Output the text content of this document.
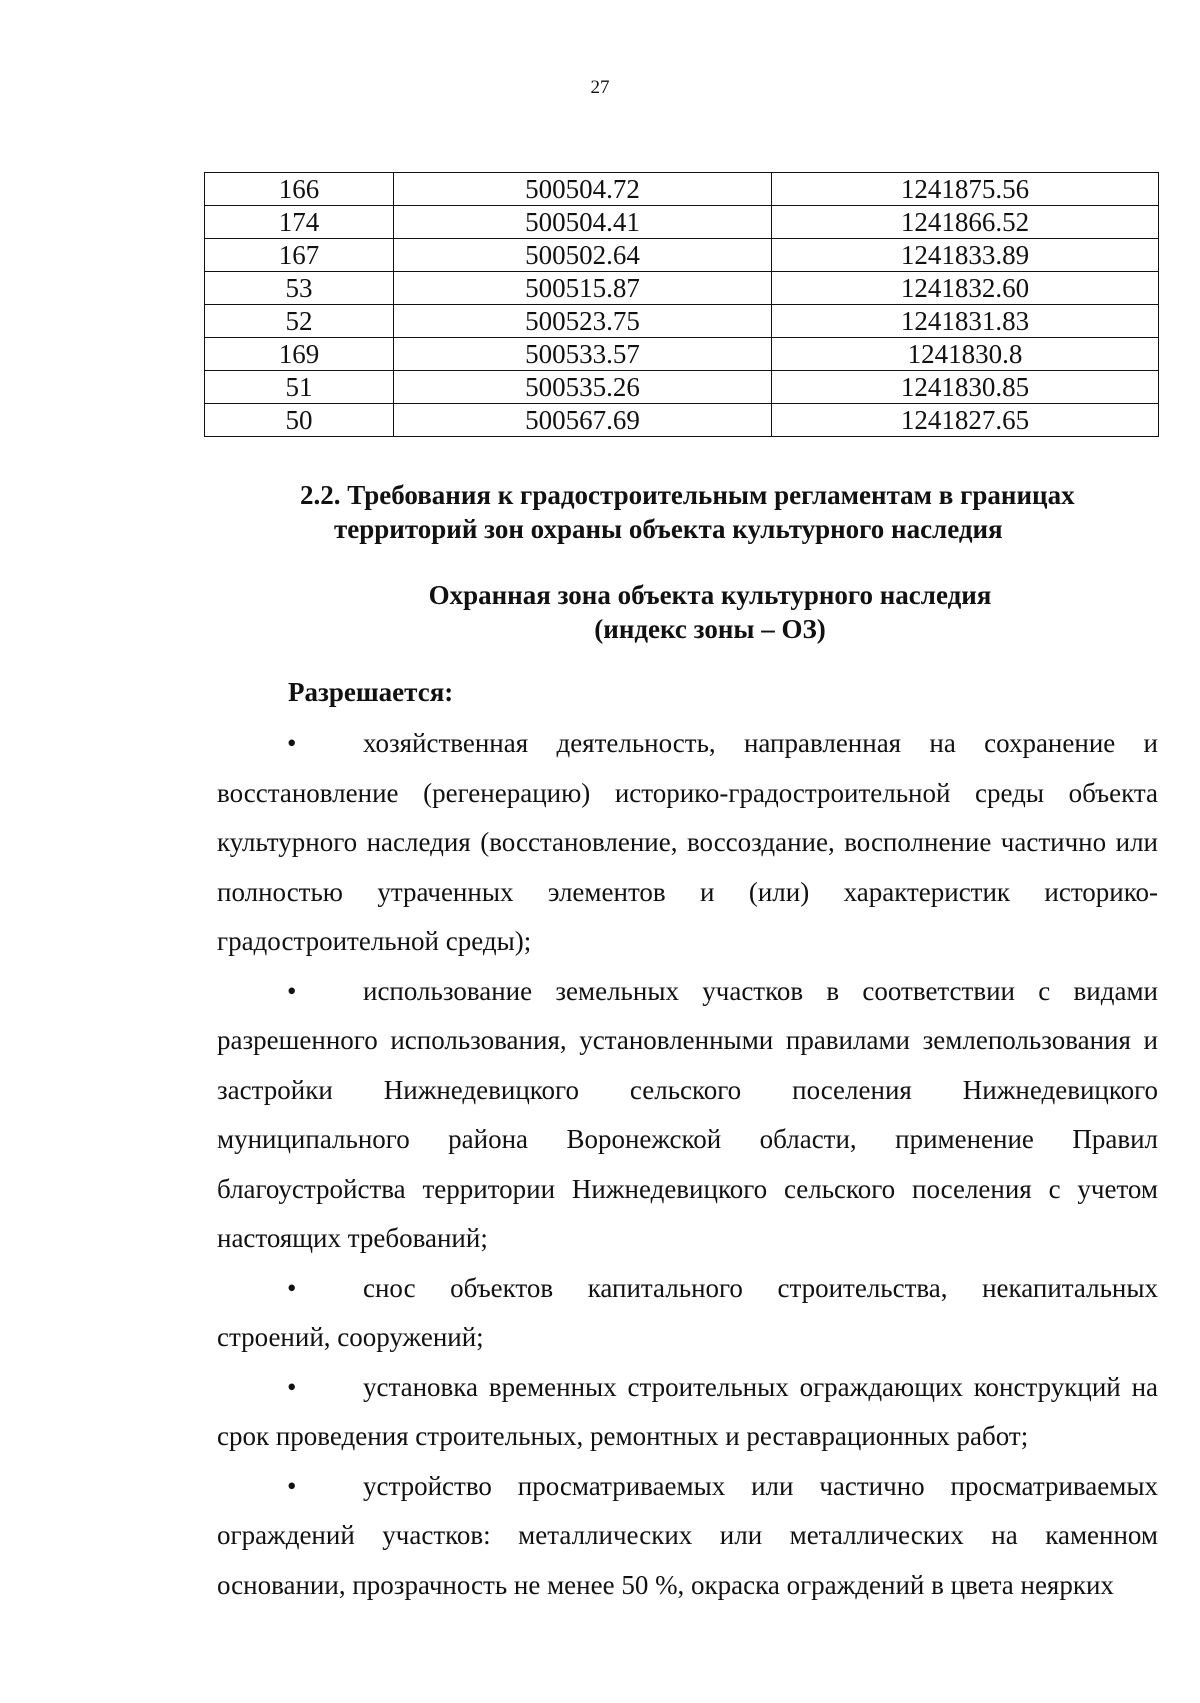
27
166	500504.72	1241875.56
174	500504.41	1241866.52
167	500502.64	1241833.89
53	500515.87	1241832.60
52	500523.75	1241831.83
169	500533.57	1241830.8
51	500535.26	1241830.85
50	500567.69	1241827.65
2.2. Требования к градостроительным регламентам в границах
территорий зон охраны объекта культурного наследия
Охранная зона объекта культурного наследия
(индекс зоны – ОЗ)
Разрешается:

• хозяйственная деятельность, направленная на сохранение и восстановление (регенерацию) историко-градостроительной среды объекта культурного наследия (восстановление, воссоздание, восполнение частично или полностью утраченных элементов и (или) характеристик историко-градостроительной среды);

• использование земельных участков в соответствии с видами разрешенного использования, установленными правилами землепользования и застройки Нижнедевицкого сельского поселения Нижнедевицкого муниципального района Воронежской области, применение Правил благоустройства территории Нижнедевицкого сельского поселения с учетом настоящих требований;

• снос объектов капитального строительства, некапитальных строений, сооружений;

• установка временных строительных ограждающих конструкций на срок проведения строительных, ремонтных и реставрационных работ;

• устройство просматриваемых или частично просматриваемых ограждений участков: металлических или металлических на каменном основании, прозрачность не менее 50 %, окраска ограждений в цвета неярких
